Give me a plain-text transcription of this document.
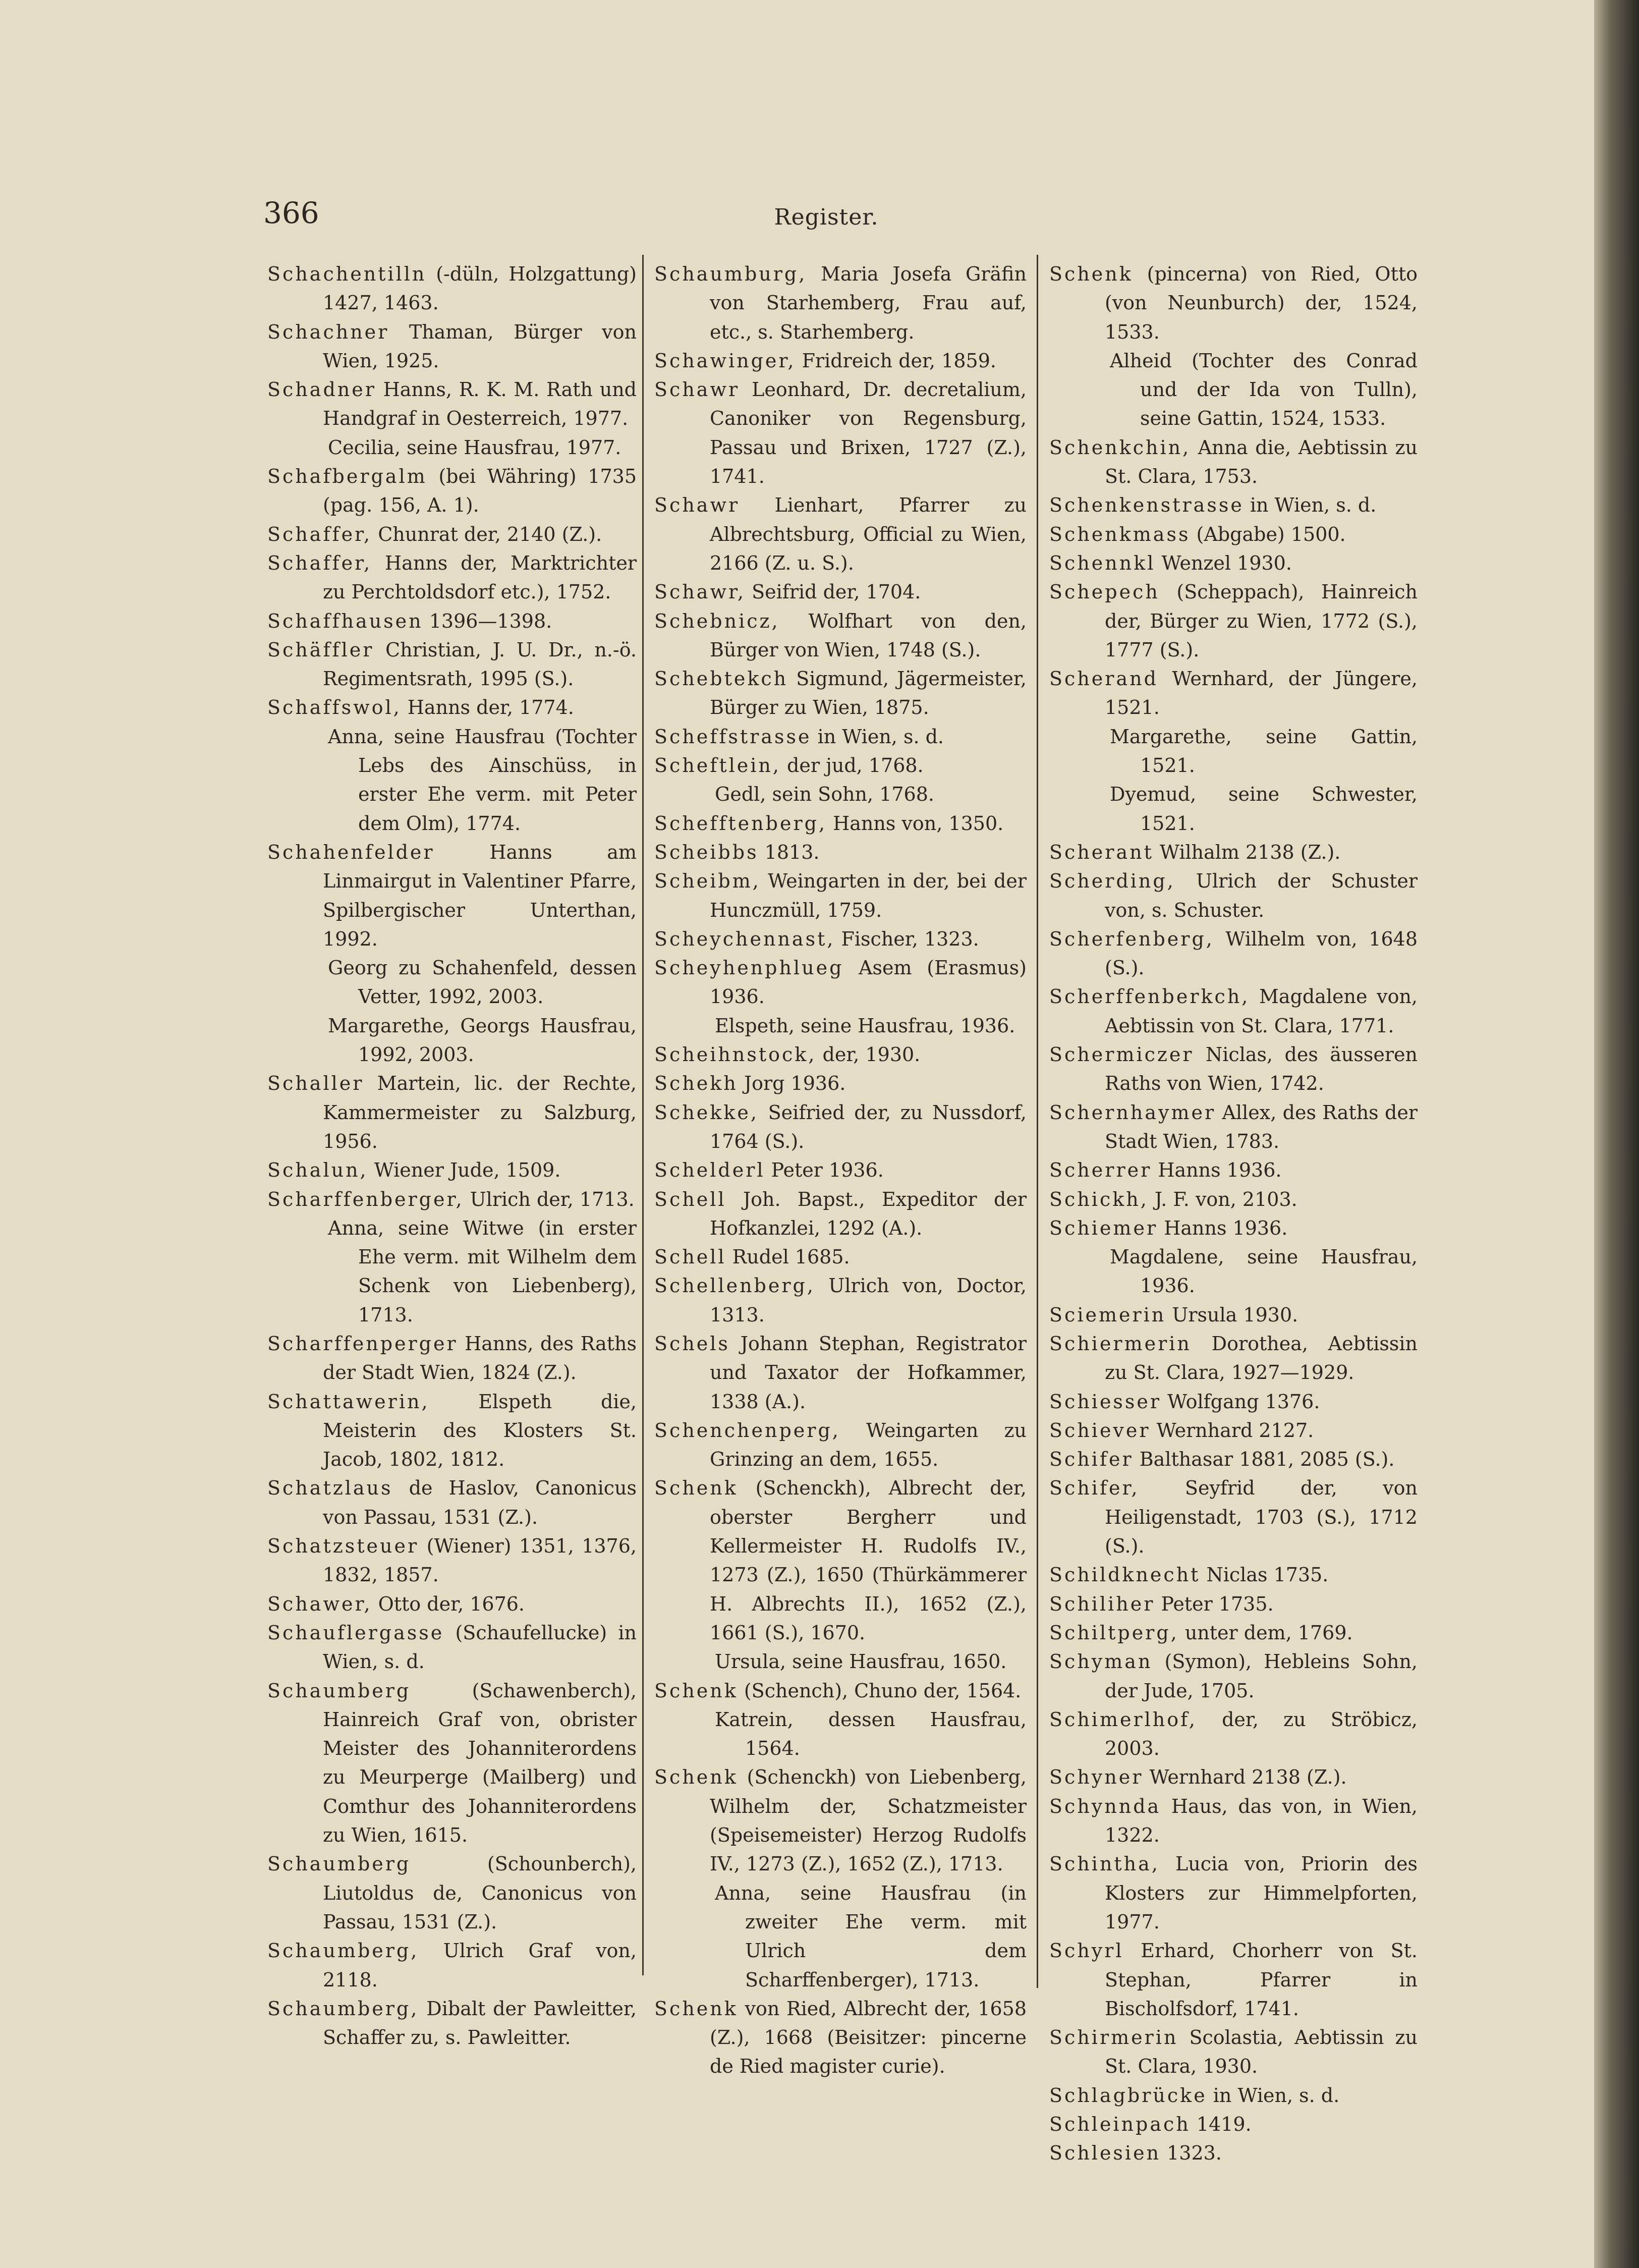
366	Register.
Schachentilln (-düln, Holzgattung) 1427, 1463.
Schachner Thaman, Bürger von Wien, 1925.
Schadner Hanns, R. K. M. Rath und Handgraf in Oesterreich, 1977.
Cecilia, seine Hausfrau, 1977.
Schafbergalm (bei Währing) 1735 (pag. 156, A. 1).
Schaffer, Chunrat der, 2140 (Z.).
Schaffer, Hanns der, Marktrichter zu Perchtoldsdorf etc.), 1752.
Schaffhausen 1396—1398.
Schäffler Christian, J. U. Dr., n.-ö. Regimentsrath, 1995 (S.).
Schaffswol, Hanns der, 1774.
Anna, seine Hausfrau (Tochter Lebs des Ainschüss, in erster Ehe verm. mit Peter dem Olm), 1774.
Schahenfelder Hanns am Linmairgut in Valentiner Pfarre, Spilbergischer Unterthan, 1992.
Georg zu Schahenfeld, dessen Vetter, 1992, 2003.
Margarethe, Georgs Hausfrau, 1992, 2003.
Schaller Martein, lic. der Rechte, Kammermeister zu Salzburg, 1956.
Schalun, Wiener Jude, 1509.
Scharffenberger, Ulrich der, 1713.
Anna, seine Witwe (in erster Ehe verm. mit Wilhelm dem Schenk von Liebenberg), 1713.
Scharffenperger Hanns, des Raths der Stadt Wien, 1824 (Z.).
Schattawerin, Elspeth die, Meisterin des Klosters St. Jacob, 1802, 1812.
Schatzlaus de Haslov, Canonicus von Passau, 1531 (Z.).
Schatzsteuer (Wiener) 1351, 1376, 1832, 1857.
Schawer, Otto der, 1676.
Schauflergasse (Schaufellucke) in Wien, s. d.
Schaumberg (Schawenberch), Hainreich Graf von, obrister Meister des Johanniterordens zu Meurperge (Mailberg) und Comthur des Johanniterordens zu Wien, 1615.
Schaumberg (Schounberch), Liutoldus de, Canonicus von Passau, 1531 (Z.).
Schaumberg, Ulrich Graf von, 2118.
Schaumberg, Dibalt der Pawleitter, Schaffer zu, s. Pawleitter.
Schaumburg, Maria Josefa Gräfin von Starhemberg, Frau auf, etc., s. Starhemberg.
Schawinger, Fridreich der, 1859.
Schawr Leonhard, Dr. decretalium, Canoniker von Regensburg, Passau und Brixen, 1727 (Z.), 1741.
Schawr Lienhart, Pfarrer zu Albrechtsburg, Official zu Wien, 2166 (Z. u. S.).
Schawr, Seifrid der, 1704.
Schebnicz, Wolfhart von den, Bürger von Wien, 1748 (S.).
Schebtekch Sigmund, Jägermeister, Bürger zu Wien, 1875.
Scheffstrasse in Wien, s. d.
Scheftlein, der jud, 1768.
Gedl, sein Sohn, 1768.
Schefftenberg, Hanns von, 1350.
Scheibbs 1813.
Scheibm, Weingarten in der, bei der Hunczmüll, 1759.
Scheychennast, Fischer, 1323.
Scheyhenphlueg Asem (Erasmus) 1936.
Elspeth, seine Hausfrau, 1936.
Scheihnstock, der, 1930.
Schekh Jorg 1936.
Schekke, Seifried der, zu Nussdorf, 1764 (S.).
Schelderl Peter 1936.
Schell Joh. Bapst., Expeditor der Hofkanzlei, 1292 (A.).
Schell Rudel 1685.
Schellenberg, Ulrich von, Doctor, 1313.
Schels Johann Stephan, Registrator und Taxator der Hofkammer, 1338 (A.).
Schenchenperg, Weingarten zu Grinzing an dem, 1655.
Schenk (Schenckh), Albrecht der, oberster Bergherr und Kellermeister H. Rudolfs IV., 1273 (Z.), 1650 (Thürkämmerer H. Albrechts II.), 1652 (Z.), 1661 (S.), 1670.
Ursula, seine Hausfrau, 1650.
Schenk (Schench), Chuno der, 1564.
Katrein, dessen Hausfrau, 1564.
Schenk (Schenckh) von Liebenberg, Wilhelm der, Schatzmeister (Speisemeister) Herzog Rudolfs IV., 1273 (Z.), 1652 (Z.), 1713.
Anna, seine Hausfrau (in zweiter Ehe verm. mit Ulrich dem Scharffenberger), 1713.
Schenk von Ried, Albrecht der, 1658 (Z.), 1668 (Beisitzer: pincerne de Ried magister curie).
Schenk (pincerna) von Ried, Otto (von Neunburch) der, 1524, 1533.
Alheid (Tochter des Conrad und der Ida von Tulln), seine Gattin, 1524, 1533.
Schenkchin, Anna die, Aebtissin zu St. Clara, 1753.
Schenkenstrasse in Wien, s. d.
Schenkmass (Abgabe) 1500.
Schennkl Wenzel 1930.
Schepech (Scheppach), Hainreich der, Bürger zu Wien, 1772 (S.), 1777 (S.).
Scherand Wernhard, der Jüngere, 1521.
Margarethe, seine Gattin, 1521.
Dyemud, seine Schwester, 1521.
Scherant Wilhalm 2138 (Z.).
Scherding, Ulrich der Schuster von, s. Schuster.
Scherfenberg, Wilhelm von, 1648 (S.).
Scherffenberkch, Magdalene von, Aebtissin von St. Clara, 1771.
Schermiczer Niclas, des äusseren Raths von Wien, 1742.
Schernhaymer Allex, des Raths der Stadt Wien, 1783.
Scherrer Hanns 1936.
Schickh, J. F. von, 2103.
Schiemer Hanns 1936.
Magdalene, seine Hausfrau, 1936.
Sciemerin Ursula 1930.
Schiermerin Dorothea, Aebtissin zu St. Clara, 1927—1929.
Schiesser Wolfgang 1376.
Schiever Wernhard 2127.
Schifer Balthasar 1881, 2085 (S.).
Schifer, Seyfrid der, von Heiligenstadt, 1703 (S.), 1712 (S.).
Schildknecht Niclas 1735.
Schiliher Peter 1735.
Schiltperg, unter dem, 1769.
Schyman (Symon), Hebleins Sohn, der Jude, 1705.
Schimerlhof, der, zu Ströbicz, 2003.
Schyner Wernhard 2138 (Z.).
Schynnda Haus, das von, in Wien, 1322.
Schintha, Lucia von, Priorin des Klosters zur Himmelpforten, 1977.
Schyrl Erhard, Chorherr von St. Stephan, Pfarrer in Bischolfsdorf, 1741.
Schirmerin Scolastia, Aebtissin zu St. Clara, 1930.
Schlagbrücke in Wien, s. d.
Schleinpach 1419.
Schlesien 1323.
